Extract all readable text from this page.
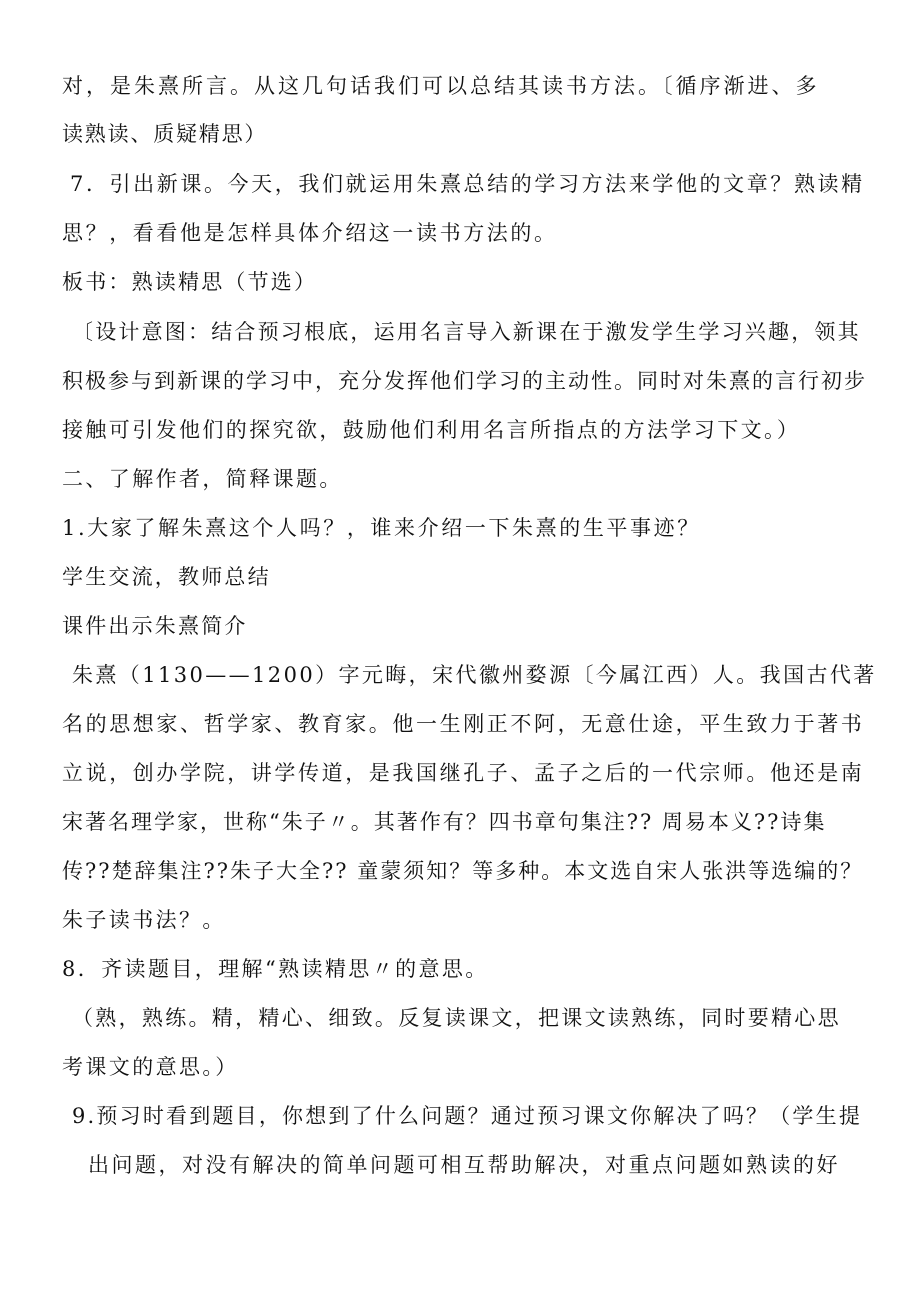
对，是朱熹所言。从这几句话我们可以总结其读书方法。〔循序渐进、多
读熟读、质疑精思）
7．引出新课。今天，我们就运用朱熹总结的学习方法来学他的文章？熟读精
思？，看看他是怎样具体介绍这一读书方法的。
板书：熟读精思（节选）
〔设计意图：结合预习根底，运用名言导入新课在于激发学生学习兴趣，领其
积极参与到新课的学习中，充分发挥他们学习的主动性。同时对朱熹的言行初步
接触可引发他们的探究欲，鼓励他们利用名言所指点的方法学习下文。）
二、了解作者，简释课题。
1.大家了解朱熹这个人吗？，谁来介绍一下朱熹的生平事迹？
学生交流，教师总结
课件出示朱熹简介
朱熹（1130——1200）字元晦，宋代徽州婺源〔今属江西）人。我国古代著
名的思想家、哲学家、教育家。他一生刚正不阿，无意仕途，平生致力于著书
立说，创办学院，讲学传道，是我国继孔子、孟子之后的一代宗师。他还是南
宋著名理学家，世称“朱子〃。其著作有？四书章句集注?? 周易本义??诗集
传??楚辞集注??朱子大全?? 童蒙须知？等多种。本文选自宋人张洪等选编的？
朱子读书法？。
8．齐读题目，理解“熟读精思〃的意思。
（熟，熟练。精，精心、细致。反复读课文，把课文读熟练，同时要精心思
考课文的意思。）
9.预习时看到题目，你想到了什么问题？通过预习课文你解决了吗？（学生提
出问题，对没有解决的简单问题可相互帮助解决，对重点问题如熟读的好
